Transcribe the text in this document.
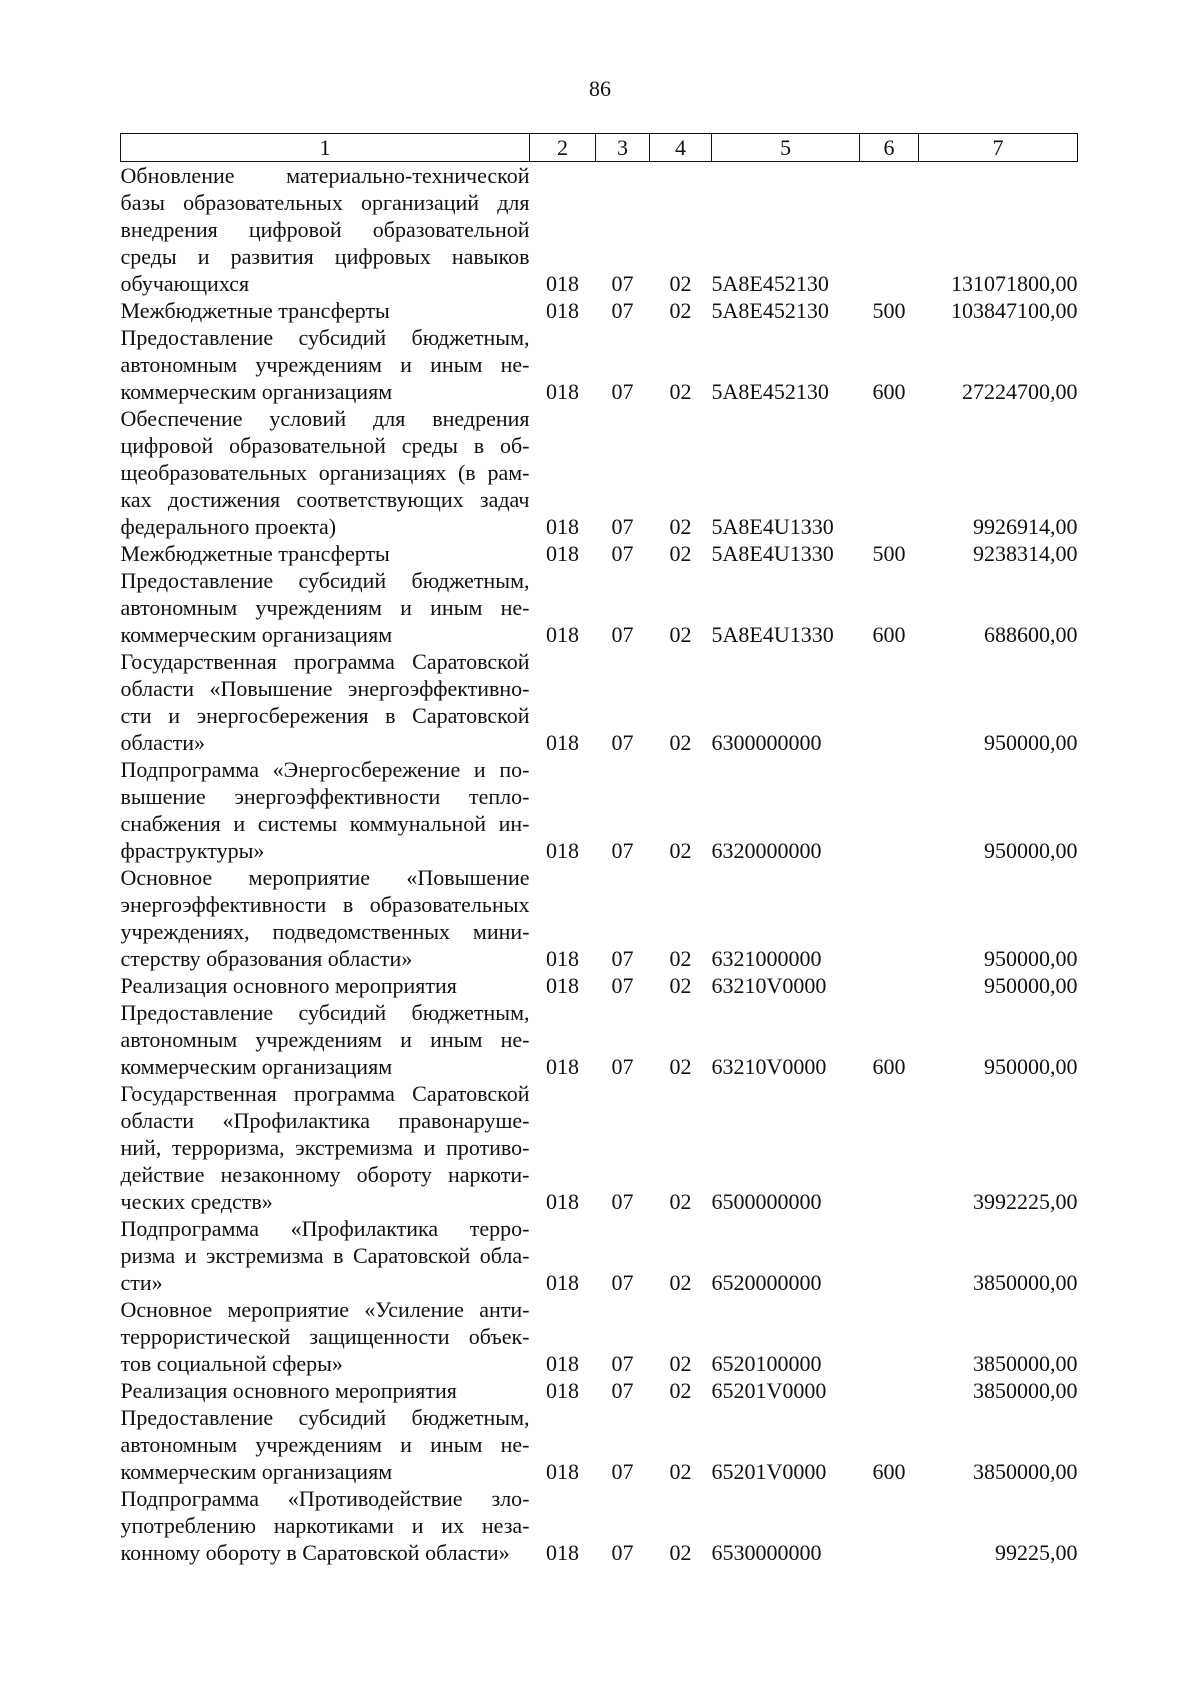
86
1	2	3	4	5	6	7

Обновление материально-технической
базы образовательных организаций для
внедрения цифровой образовательной
среды и развития цифровых навыков
обучающихся	018	07	02	5А8Е452130		131071800,00

Межбюджетные трансферты	018	07	02	5А8Е452130	500	103847100,00

Предоставление субсидий бюджетным,
автономным учреждениям и иным не-
коммерческим организациям	018	07	02	5А8Е452130	600	27224700,00

Обеспечение условий для внедрения
цифровой образовательной среды в об-
щеобразовательных организациях (в рам-
ках достижения соответствующих задач
федерального проекта)	018	07	02	5А8Е4U1330		9926914,00

Межбюджетные трансферты	018	07	02	5А8Е4U1330	500	9238314,00

Предоставление субсидий бюджетным,
автономным учреждениям и иным не-
коммерческим организациям	018	07	02	5А8Е4U1330	600	688600,00

Государственная программа Саратовской
области «Повышение энергоэффективно-
сти и энергосбережения в Саратовской
области»	018	07	02	6300000000		950000,00

Подпрограмма «Энергосбережение и по-
вышение энергоэффективности тепло-
снабжения и системы коммунальной ин-
фраструктуры»	018	07	02	6320000000		950000,00

Основное мероприятие «Повышение
энергоэффективности в образовательных
учреждениях, подведомственных мини-
стерству образования области»	018	07	02	6321000000		950000,00

Реализация основного мероприятия	018	07	02	63210V0000		950000,00

Предоставление субсидий бюджетным,
автономным учреждениям и иным не-
коммерческим организациям	018	07	02	63210V0000	600	950000,00

Государственная программа Саратовской
области «Профилактика правонаруше-
ний, терроризма, экстремизма и противо-
действие незаконному обороту наркоти-
ческих средств»	018	07	02	6500000000		3992225,00

Подпрограмма «Профилактика терро-
ризма и экстремизма в Саратовской обла-
сти»	018	07	02	6520000000		3850000,00

Основное мероприятие «Усиление анти-
террористической защищенности объек-
тов социальной сферы»	018	07	02	6520100000		3850000,00

Реализация основного мероприятия	018	07	02	65201V0000		3850000,00

Предоставление субсидий бюджетным,
автономным учреждениям и иным не-
коммерческим организациям	018	07	02	65201V0000	600	3850000,00

Подпрограмма «Противодействие зло-
употреблению наркотиками и их неза-
конному обороту в Саратовской области»	018	07	02	6530000000		99225,00
